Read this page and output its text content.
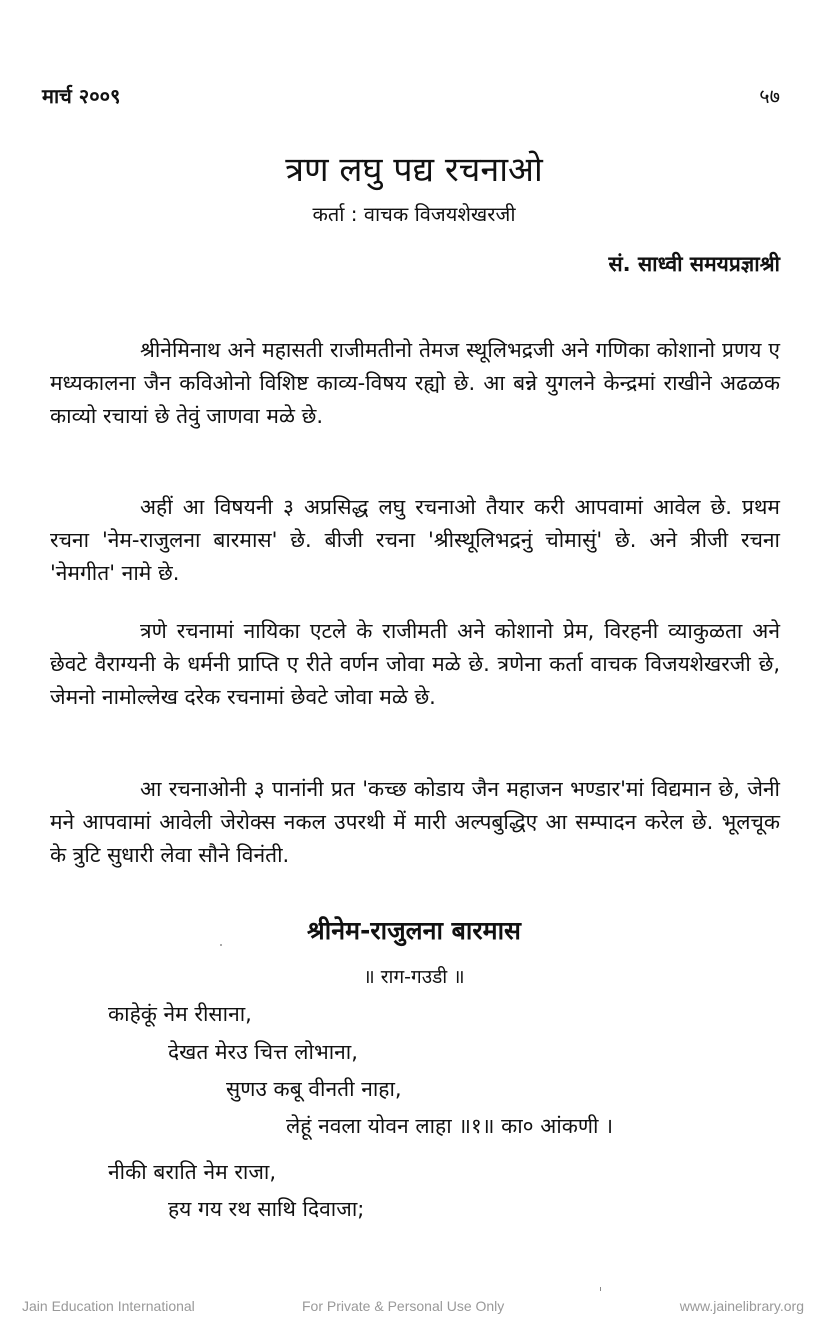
मार्च २००९	५७
त्रण लघु पद्य रचनाओ
कर्ता : वाचक विजयशेखरजी
सं. साध्वी समयप्रज्ञाश्री

श्रीनेमिनाथ अने महासती राजीमतीनो तेमज स्थूलिभद्रजी अने गणिका कोशानो प्रणय ए मध्यकालना जैन कविओनो विशिष्ट काव्य-विषय रह्यो छे. आ बन्ने युगलने केन्द्रमां राखीने अढळक काव्यो रचायां छे तेवुं जाणवा मळे छे.

अहीं आ विषयनी ३ अप्रसिद्ध लघु रचनाओ तैयार करी आपवामां आवेल छे. प्रथम रचना 'नेम-राजुलना बारमास' छे. बीजी रचना 'श्रीस्थूलिभद्रनुं चोमासुं' छे. अने त्रीजी रचना 'नेमगीत' नामे छे.

त्रणे रचनामां नायिका एटले के राजीमती अने कोशानो प्रेम, विरहनी व्याकुळता अने छेवटे वैराग्यनी के धर्मनी प्राप्ति ए रीते वर्णन जोवा मळे छे. त्रणेना कर्ता वाचक विजयशेखरजी छे, जेमनो नामोल्लेख दरेक रचनामां छेवटे जोवा मळे छे.

आ रचनाओनी ३ पानांनी प्रत 'कच्छ कोडाय जैन महाजन भण्डार'मां विद्यमान छे, जेनी मने आपवामां आवेली जेरोक्स नकल उपरथी में मारी अल्पबुद्धिए आ सम्पादन करेल छे. भूलचूक के त्रुटि सुधारी लेवा सौने विनंती.

श्रीनेम-राजुलना बारमास
॥ राग-गउडी ॥
काहेकूं नेम रीसाना,
देखत मेरउ चित्त लोभाना,
सुणउ कबू वीनती नाहा,
लेहूं नवला योवन लाहा ॥१॥ का० आंकणी ।
नीकी बराति नेम राजा,
हय गय रथ साथि दिवाजा;
Jain Education International	For Private & Personal Use Only	www.jainelibrary.org
